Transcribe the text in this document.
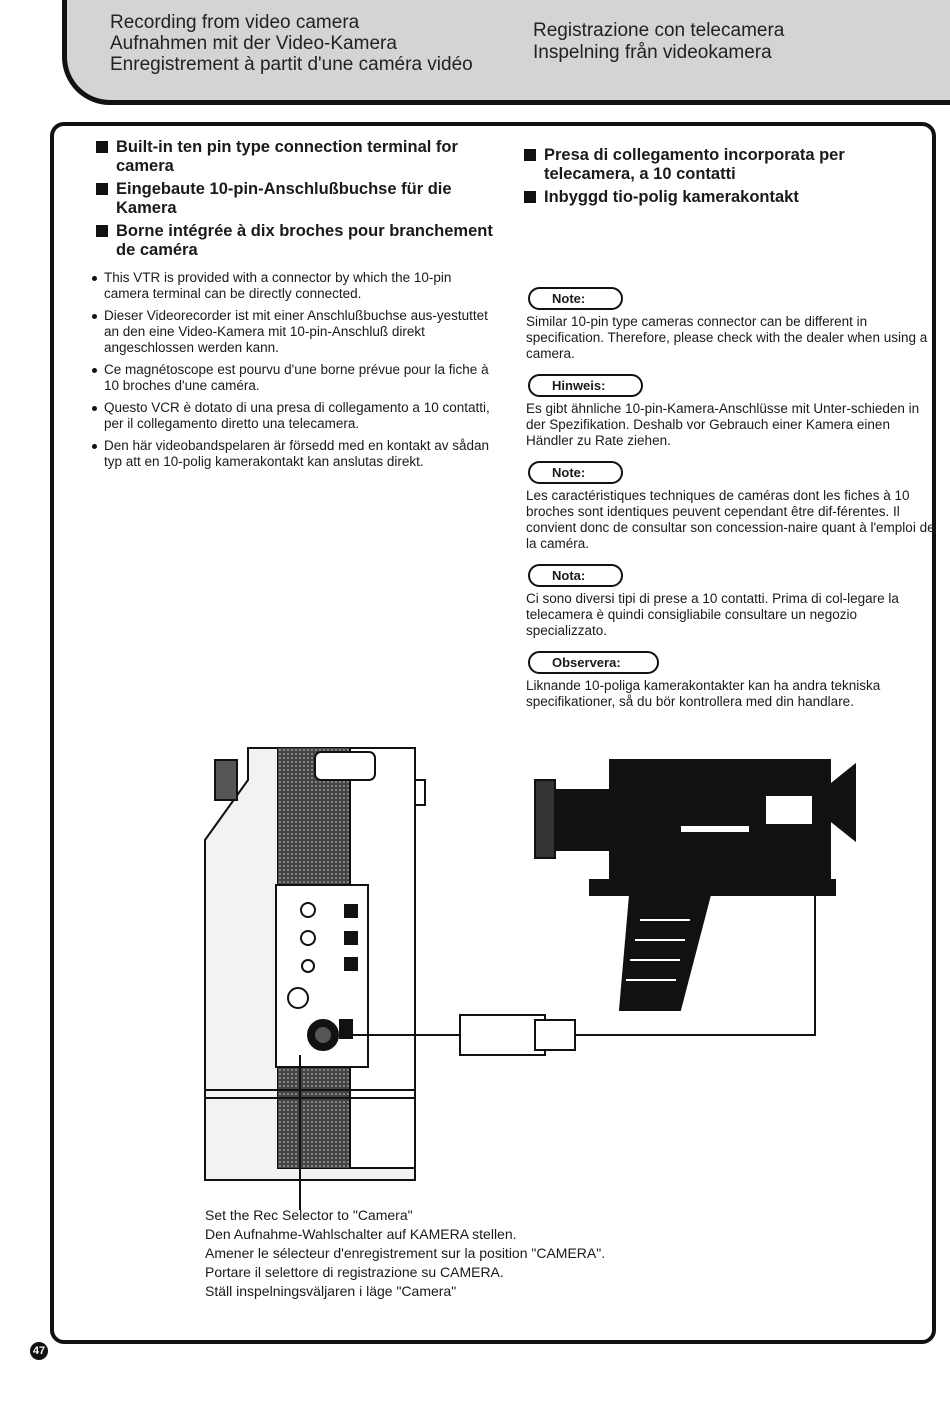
Recording from video camera
Aufnahmen mit der Video-Kamera
Enregistrement à partit d'une caméra vidéo
Registrazione con telecamera
Inspelning från videokamera
Built-in ten pin type connection terminal for camera
Eingebaute 10-pin-Anschlußbuchse für die Kamera
Borne intégrée à dix broches pour branchement de caméra
This VTR is provided with a connector by which the 10-pin camera terminal can be directly connected.
Dieser Videorecorder ist mit einer Anschlußbuchse aus-yestuttet an den eine Video-Kamera mit 10-pin-Anschluß direkt angeschlossen werden kann.
Ce magnétoscope est pourvu d'une borne prévue pour la fiche à 10 broches d'une caméra.
Questo VCR è dotato di una presa di collegamento a 10 contatti, per il collegamento diretto una telecamera.
Den här videobandspelaren är försedd med en kontakt av sådan typ att en 10-polig kamerakontakt kan anslutas direkt.
Presa di collegamento incorporata per telecamera, a 10 contatti
Inbyggd tio-polig kamerakontakt
Note:
Similar 10-pin type cameras connector can be different in specification. Therefore, please check with the dealer when using a camera.
Hinweis:
Es gibt ähnliche 10-pin-Kamera-Anschlüsse mit Unter-schieden in der Spezifikation. Deshalb vor Gebrauch einer Kamera einen Händler zu Rate ziehen.
Note:
Les caractéristiques techniques de caméras dont les fiches à 10 broches sont identiques peuvent cependant être dif-férentes. Il convient donc de consultar son concession-naire quant à l'emploi de la caméra.
Nota:
Ci sono diversi tipi di prese a 10 contatti. Prima di col-legare la telecamera è quindi consigliabile consultare un negozio specializzato.
Observera:
Liknande 10-poliga kamerakontakter kan ha andra tekniska specifikationer, så du bör kontrollera med din handlare.
Set the Rec Selector to "Camera"
Den Aufnahme-Wahlschalter auf KAMERA stellen.
Amener le sélecteur d'enregistrement sur la position "CAMERA".
Portare il selettore di registrazione su CAMERA.
Ställ inspelningsväljaren i läge "Camera"
47
